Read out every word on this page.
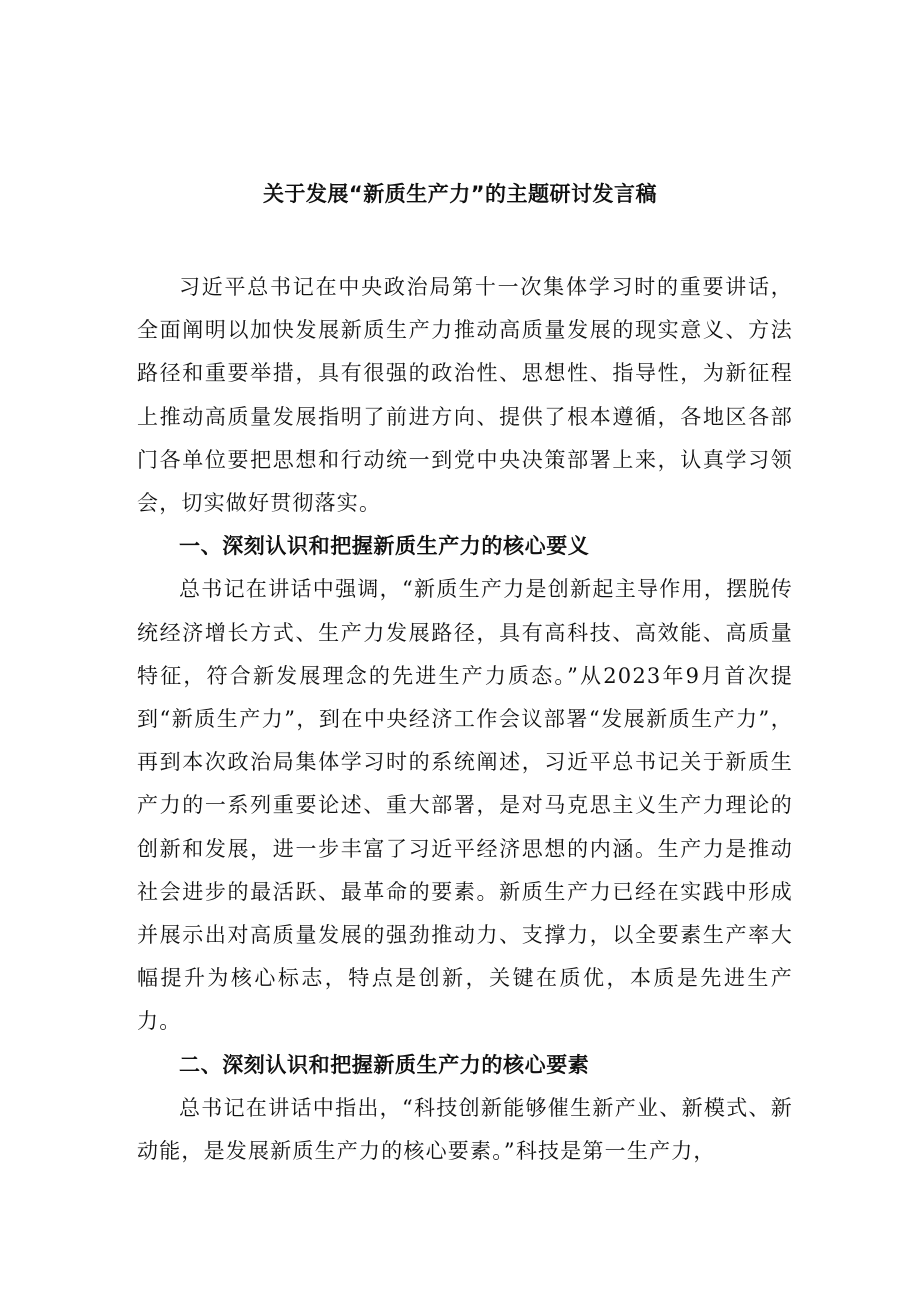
关于发展“新质生产力”的主题研讨发言稿

习近平总书记在中央政治局第十一次集体学习时的重要讲话，全面阐明以加快发展新质生产力推动高质量发展的现实意义、方法路径和重要举措，具有很强的政治性、思想性、指导性，为新征程上推动高质量发展指明了前进方向、提供了根本遵循，各地区各部门各单位要把思想和行动统一到党中央决策部署上来，认真学习领会，切实做好贯彻落实。

一、深刻认识和把握新质生产力的核心要义

总书记在讲话中强调，“新质生产力是创新起主导作用，摆脱传统经济增长方式、生产力发展路径，具有高科技、高效能、高质量特征，符合新发展理念的先进生产力质态。”从2023年9月首次提到“新质生产力”，到在中央经济工作会议部署“发展新质生产力”，再到本次政治局集体学习时的系统阐述，习近平总书记关于新质生产力的一系列重要论述、重大部署，是对马克思主义生产力理论的创新和发展，进一步丰富了习近平经济思想的内涵。生产力是推动社会进步的最活跃、最革命的要素。新质生产力已经在实践中形成并展示出对高质量发展的强劲推动力、支撑力，以全要素生产率大幅提升为核心标志，特点是创新，关键在质优，本质是先进生产力。

二、深刻认识和把握新质生产力的核心要素

总书记在讲话中指出，“科技创新能够催生新产业、新模式、新动能，是发展新质生产力的核心要素。”科技是第一生产力，
